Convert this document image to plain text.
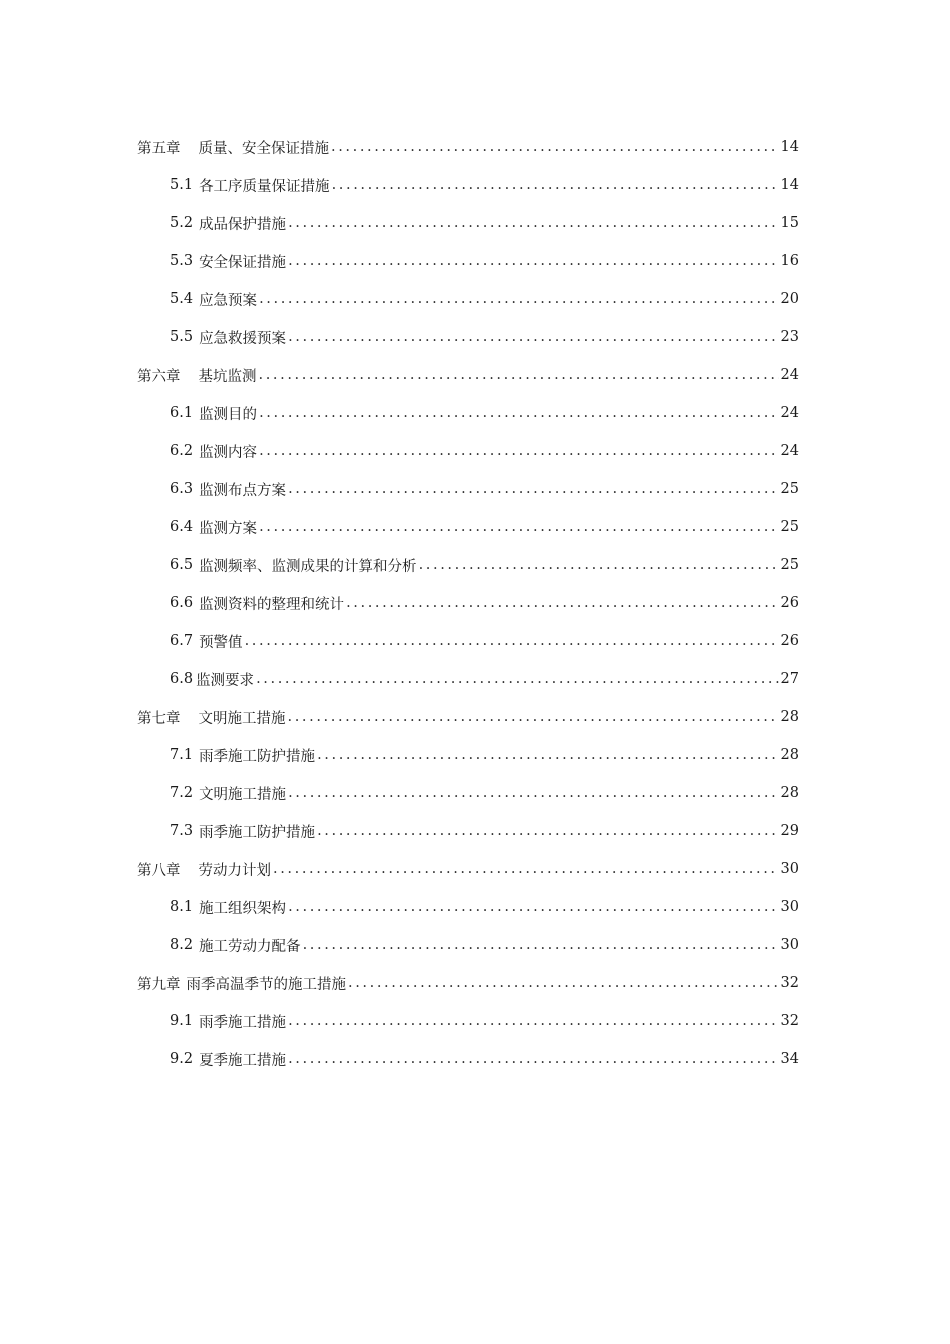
第五章 质量、安全保证措施 .....	14
5.1 各工序质量保证措施 .....	14
5.2 成品保护措施 .....	15
5.3 安全保证措施 .....	16
5.4 应急预案 .....	20
5.5 应急救援预案 .....	23
第六章 基坑监测 .....	24
6.1 监测目的 .....	24
6.2 监测内容 .....	24
6.3 监测布点方案 .....	25
6.4 监测方案 .....	25
6.5 监测频率、监测成果的计算和分析 .....	25
6.6 监测资料的整理和统计 .....	26
6.7 预警值 .....	26
6.8 监测要求 .....	27
第七章 文明施工措施 .....	28
7.1 雨季施工防护措施 .....	28
7.2 文明施工措施 .....	28
7.3 雨季施工防护措施 .....	29
第八章 劳动力计划 .....	30
8.1 施工组织架构 .....	30
8.2 施工劳动力配备 .....	30
第九章 雨季高温季节的施工措施 .....	32
9.1 雨季施工措施 .....	32
9.2 夏季施工措施 .....	34
